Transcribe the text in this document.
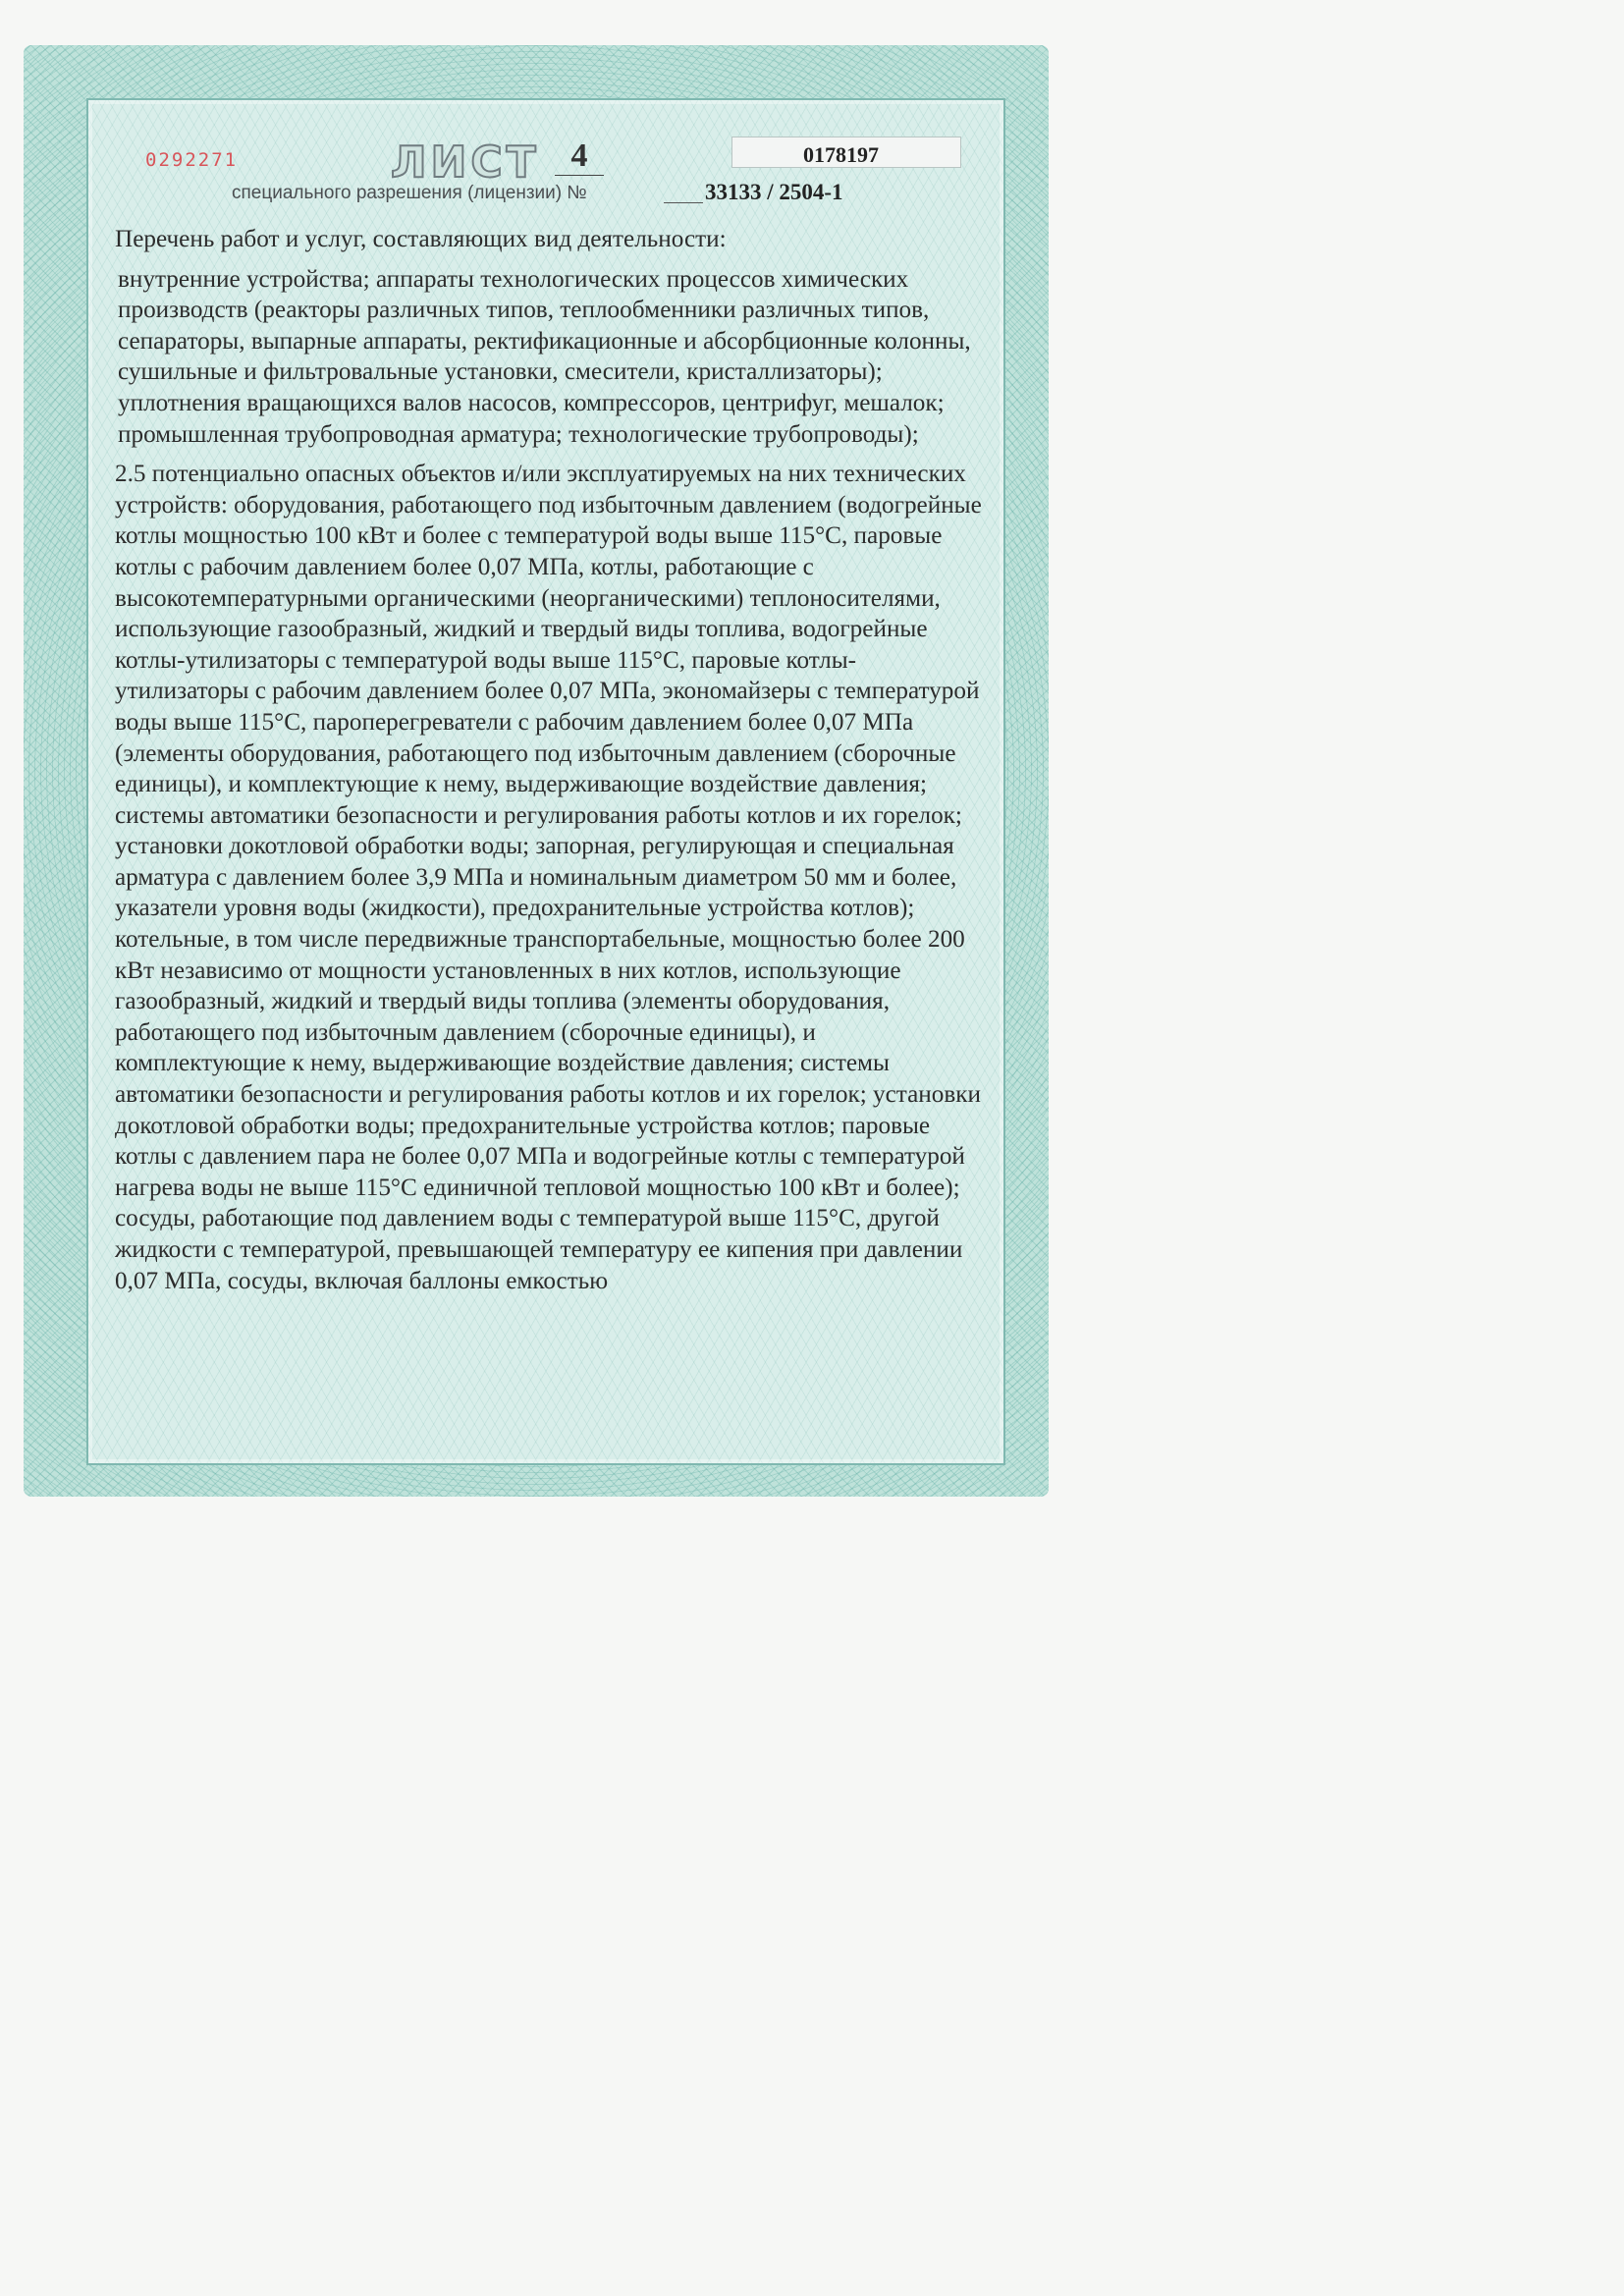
0292271	ЛИСТ 4	0178197
специального разрешения (лицензии) №	33133 / 2504-1

Перечень работ и услуг, составляющих вид деятельности:

внутренние устройства; аппараты технологических процессов химических производств (реакторы различных типов, теплообменники различных типов, сепараторы, выпарные аппараты, ректификационные и абсорбционные колонны, сушильные и фильтровальные установки, смесители, кристаллизаторы); уплотнения вращающихся валов насосов, компрессоров, центрифуг, мешалок; промышленная трубопроводная арматура; технологические трубопроводы);

2.5 потенциально опасных объектов и/или эксплуатируемых на них технических устройств: оборудования, работающего под избыточным давлением (водогрейные котлы мощностью 100 кВт и более с температурой воды выше 115°С, паровые котлы с рабочим давлением более 0,07 МПа, котлы, работающие с высокотемпературными органическими (неорганическими) теплоносителями, использующие газообразный, жидкий и твердый виды топлива, водогрейные котлы-утилизаторы с температурой воды выше 115°С, паровые котлы-утилизаторы с рабочим давлением более 0,07 МПа, экономайзеры с температурой воды выше 115°С, пароперегреватели с рабочим давлением более 0,07 МПа (элементы оборудования, работающего под избыточным давлением (сборочные единицы), и комплектующие к нему, выдерживающие воздействие давления; системы автоматики безопасности и регулирования работы котлов и их горелок; установки докотловой обработки воды; запорная, регулирующая и специальная арматура с давлением более 3,9 МПа и номинальным диаметром 50 мм и более, указатели уровня воды (жидкости), предохранительные устройства котлов); котельные, в том числе передвижные транспортабельные, мощностью более 200 кВт независимо от мощности установленных в них котлов, использующие газообразный, жидкий и твердый виды топлива (элементы оборудования, работающего под избыточным давлением (сборочные единицы), и комплектующие к нему, выдерживающие воздействие давления; системы автоматики безопасности и регулирования работы котлов и их горелок; установки докотловой обработки воды; предохранительные устройства котлов; паровые котлы с давлением пара не более 0,07 МПа и водогрейные котлы с температурой нагрева воды не выше 115°С единичной тепловой мощностью 100 кВт и более); сосуды, работающие под давлением воды с температурой выше 115°С, другой жидкости с температурой, превышающей температуру ее кипения при давлении 0,07 МПа, сосуды, включая баллоны емкостью
